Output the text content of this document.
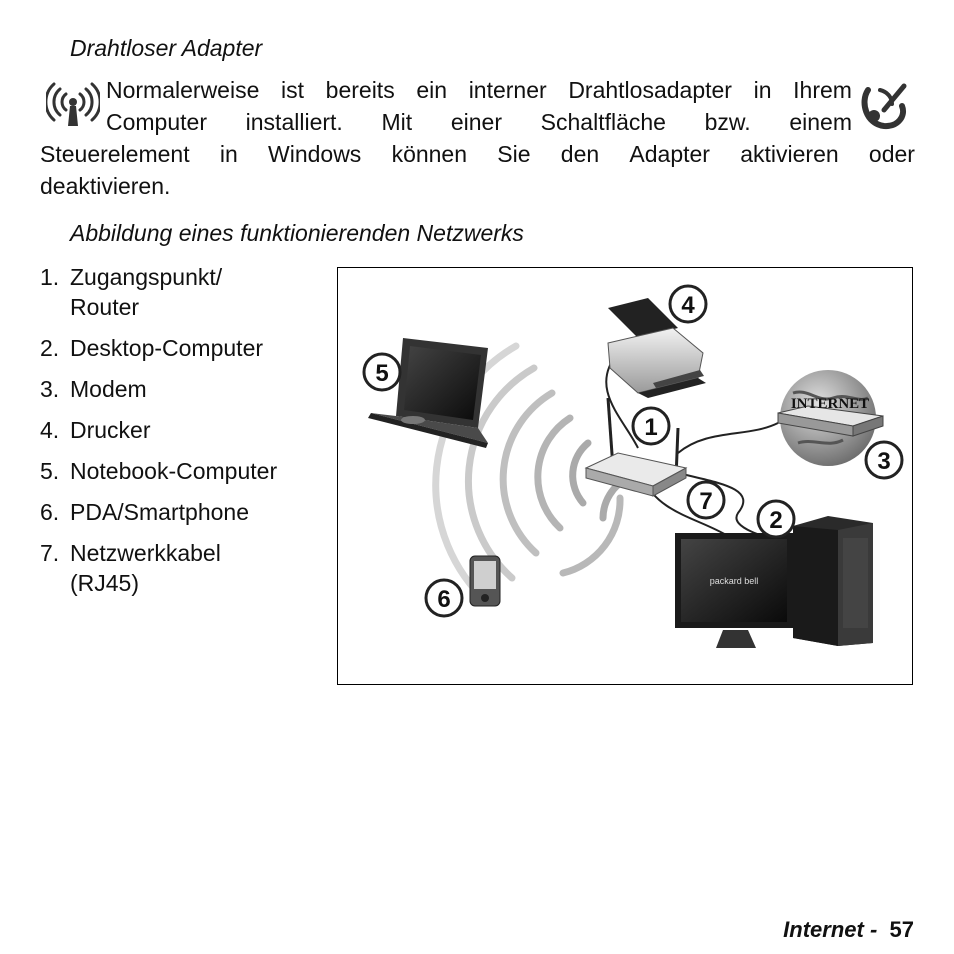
Drahtloser Adapter
Normalerweise ist bereits ein interner Drahtlosadapter in Ihrem
Computer installiert. Mit einer Schaltfläche bzw. einem
Steuerelement in Windows können Sie den Adapter aktivieren oder
deaktivieren.
Abbildung eines funktionierenden Netzwerks
1. Zugangspunkt/
Router
2. Desktop-Computer
3. Modem
4. Drucker
5. Notebook-Computer
6. PDA/Smartphone
7. Netzwerkkabel
(RJ45)
INTERNET
packard bell
1
2
3
4
5
6
7
Internet - 57
